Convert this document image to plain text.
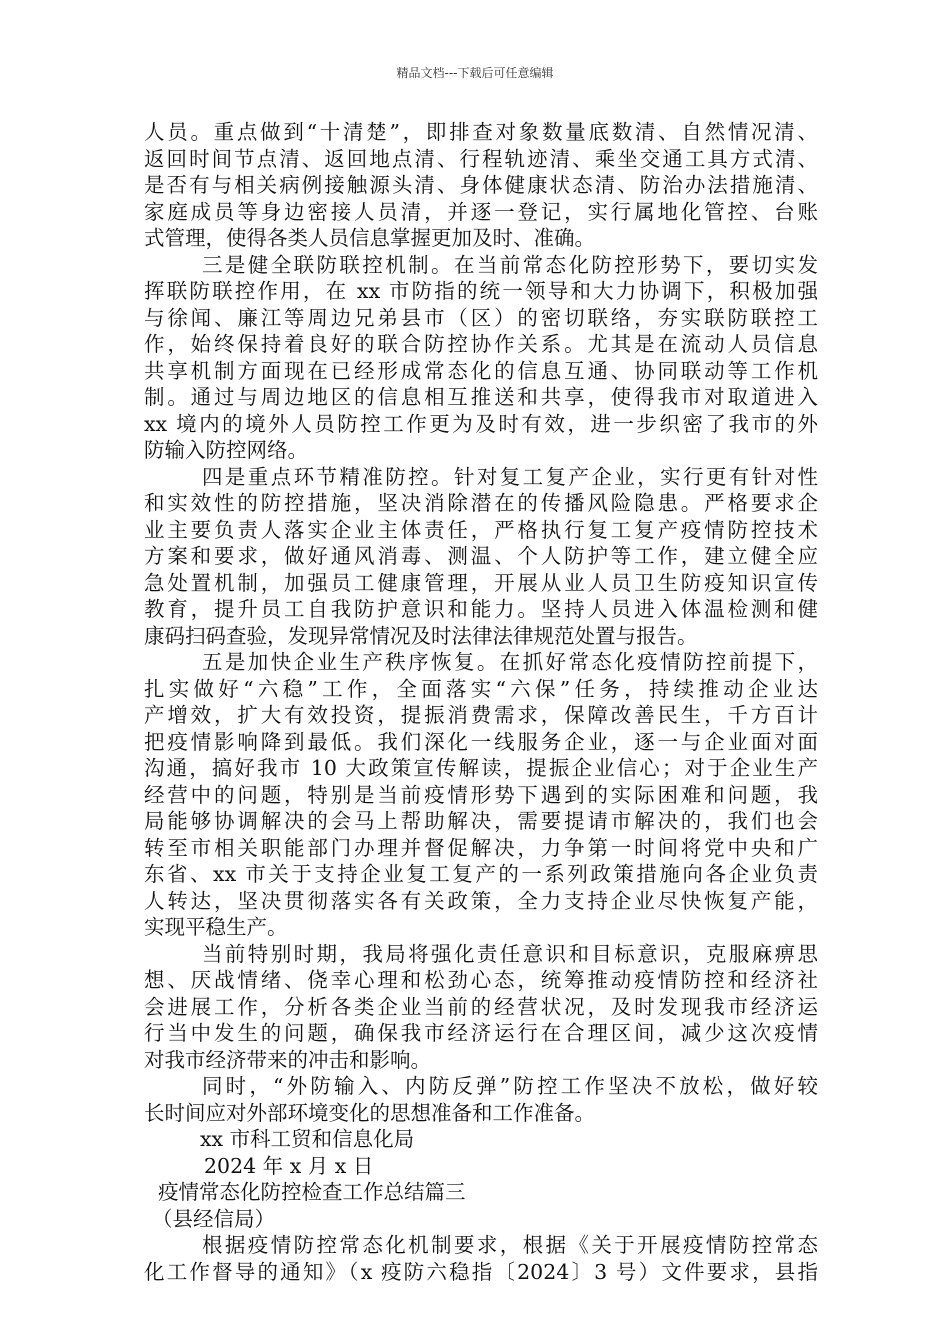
精品文档---下载后可任意编辑
人员。重点做到“十清楚”，即排查对象数量底数清、自然情况清、
返回时间节点清、返回地点清、行程轨迹清、乘坐交通工具方式清、
是否有与相关病例接触源头清、身体健康状态清、防治办法措施清、
家庭成员等身边密接人员清，并逐一登记，实行属地化管控、台账
式管理，使得各类人员信息掌握更加及时、准确。
三是健全联防联控机制。在当前常态化防控形势下，要切实发
挥联防联控作用，在 xx 市防指的统一领导和大力协调下，积极加强
与徐闻、廉江等周边兄弟县市（区）的密切联络，夯实联防联控工
作，始终保持着良好的联合防控协作关系。尤其是在流动人员信息
共享机制方面现在已经形成常态化的信息互通、协同联动等工作机
制。通过与周边地区的信息相互推送和共享，使得我市对取道进入
xx 境内的境外人员防控工作更为及时有效，进一步织密了我市的外
防输入防控网络。
四是重点环节精准防控。针对复工复产企业，实行更有针对性
和实效性的防控措施，坚决消除潜在的传播风险隐患。严格要求企
业主要负责人落实企业主体责任，严格执行复工复产疫情防控技术
方案和要求，做好通风消毒、测温、个人防护等工作，建立健全应
急处置机制，加强员工健康管理，开展从业人员卫生防疫知识宣传
教育，提升员工自我防护意识和能力。坚持人员进入体温检测和健
康码扫码查验，发现异常情况及时法律法律规范处置与报告。
五是加快企业生产秩序恢复。在抓好常态化疫情防控前提下，
扎实做好“六稳”工作，全面落实“六保”任务，持续推动企业达
产增效，扩大有效投资，提振消费需求，保障改善民生，千方百计
把疫情影响降到最低。我们深化一线服务企业，逐一与企业面对面
沟通，搞好我市 10 大政策宣传解读，提振企业信心；对于企业生产
经营中的问题，特别是当前疫情形势下遇到的实际困难和问题，我
局能够协调解决的会马上帮助解决，需要提请市解决的，我们也会
转至市相关职能部门办理并督促解决，力争第一时间将党中央和广
东省、xx 市关于支持企业复工复产的一系列政策措施向各企业负责
人转达，坚决贯彻落实各有关政策，全力支持企业尽快恢复产能，
实现平稳生产。
当前特别时期，我局将强化责任意识和目标意识，克服麻痹思
想、厌战情绪、侥幸心理和松劲心态，统筹推动疫情防控和经济社
会进展工作，分析各类企业当前的经营状况，及时发现我市经济运
行当中发生的问题，确保我市经济运行在合理区间，减少这次疫情
对我市经济带来的冲击和影响。
同时，“外防输入、内防反弹”防控工作坚决不放松，做好较
长时间应对外部环境变化的思想准备和工作准备。
xx 市科工贸和信息化局
2024 年 x 月 x 日
疫情常态化防控检查工作总结篇三
（县经信局）
根据疫情防控常态化机制要求，根据《关于开展疫情防控常态
化工作督导的通知》（x 疫防六稳指〔2024〕3 号）文件要求，县指
